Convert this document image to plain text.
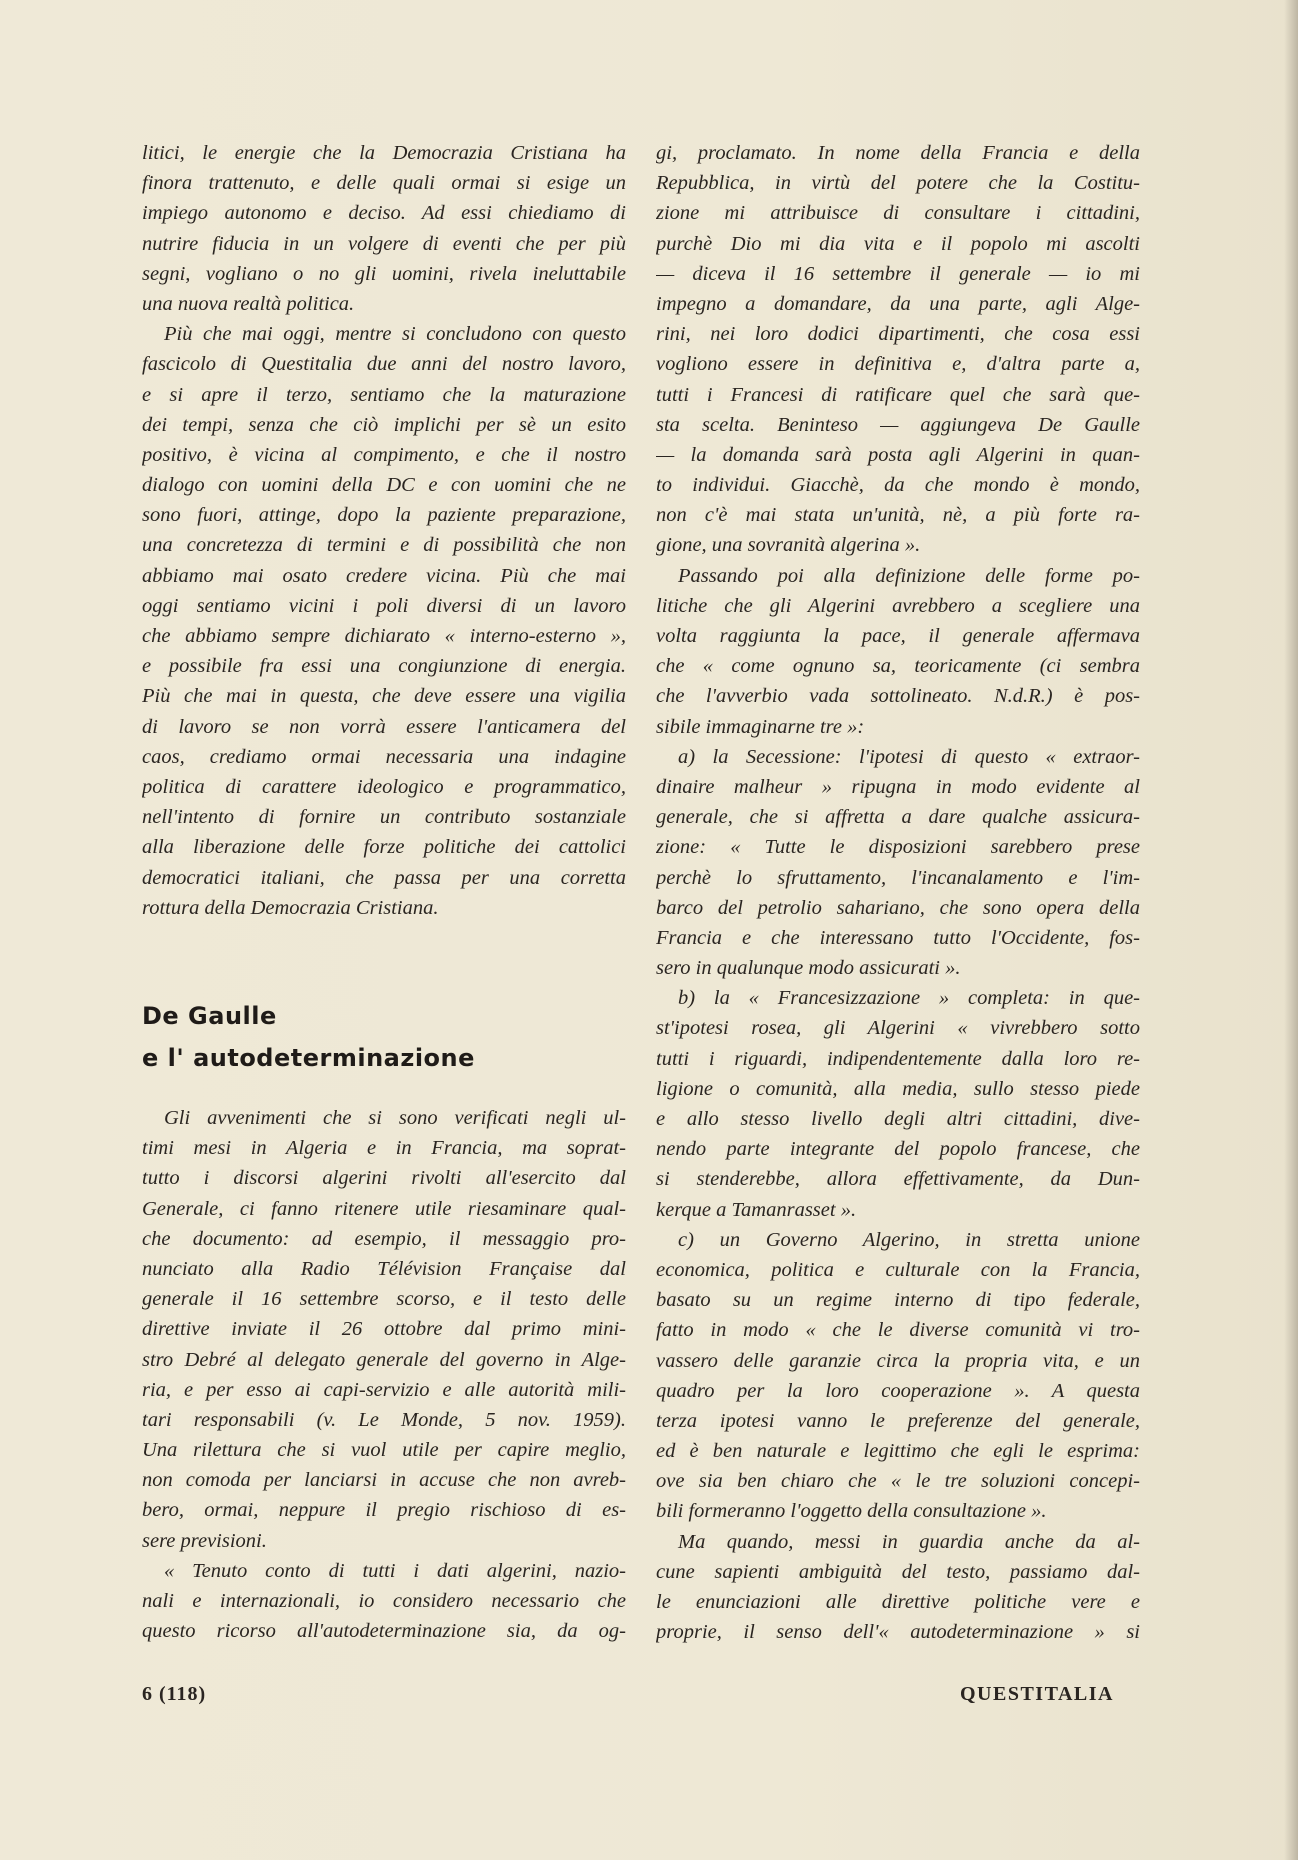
litici, le energie che la Democrazia Cristiana ha
finora trattenuto, e delle quali ormai si esige un
impiego autonomo e deciso. Ad essi chiediamo di
nutrire fiducia in un volgere di eventi che per più
segni, vogliano o no gli uomini, rivela ineluttabile
una nuova realtà politica.
Più che mai oggi, mentre si concludono con questo
fascicolo di Questitalia due anni del nostro lavoro,
e si apre il terzo, sentiamo che la maturazione
dei tempi, senza che ciò implichi per sè un esito
positivo, è vicina al compimento, e che il nostro
dialogo con uomini della DC e con uomini che ne
sono fuori, attinge, dopo la paziente preparazione,
una concretezza di termini e di possibilità che non
abbiamo mai osato credere vicina. Più che mai
oggi sentiamo vicini i poli diversi di un lavoro
che abbiamo sempre dichiarato « interno-esterno »,
e possibile fra essi una congiunzione di energia.
Più che mai in questa, che deve essere una vigilia
di lavoro se non vorrà essere l'anticamera del
caos, crediamo ormai necessaria una indagine
politica di carattere ideologico e programmatico,
nell'intento di fornire un contributo sostanziale
alla liberazione delle forze politiche dei cattolici
democratici italiani, che passa per una corretta
rottura della Democrazia Cristiana.
De Gaulle
e l' autodeterminazione
Gli avvenimenti che si sono verificati negli ul-
timi mesi in Algeria e in Francia, ma soprat-
tutto i discorsi algerini rivolti all'esercito dal
Generale, ci fanno ritenere utile riesaminare qual-
che documento: ad esempio, il messaggio pro-
nunciato alla Radio Télévision Française dal
generale il 16 settembre scorso, e il testo delle
direttive inviate il 26 ottobre dal primo mini-
stro Debré al delegato generale del governo in Alge-
ria, e per esso ai capi-servizio e alle autorità mili-
tari responsabili (v. Le Monde, 5 nov. 1959).
Una rilettura che si vuol utile per capire meglio,
non comoda per lanciarsi in accuse che non avreb-
bero, ormai, neppure il pregio rischioso di es-
sere previsioni.
« Tenuto conto di tutti i dati algerini, nazio-
nali e internazionali, io considero necessario che
questo ricorso all'autodeterminazione sia, da og-
gi, proclamato. In nome della Francia e della
Repubblica, in virtù del potere che la Costitu-
zione mi attribuisce di consultare i cittadini,
purchè Dio mi dia vita e il popolo mi ascolti
— diceva il 16 settembre il generale — io mi
impegno a domandare, da una parte, agli Alge-
rini, nei loro dodici dipartimenti, che cosa essi
vogliono essere in definitiva e, d'altra parte a,
tutti i Francesi di ratificare quel che sarà que-
sta scelta. Beninteso — aggiungeva De Gaulle
— la domanda sarà posta agli Algerini in quan-
to individui. Giacchè, da che mondo è mondo,
non c'è mai stata un'unità, nè, a più forte ra-
gione, una sovranità algerina ».
Passando poi alla definizione delle forme po-
litiche che gli Algerini avrebbero a scegliere una
volta raggiunta la pace, il generale affermava
che « come ognuno sa, teoricamente (ci sembra
che l'avverbio vada sottolineato. N.d.R.) è pos-
sibile immaginarne tre »:
a) la Secessione: l'ipotesi di questo « extraor-
dinaire malheur » ripugna in modo evidente al
generale, che si affretta a dare qualche assicura-
zione: « Tutte le disposizioni sarebbero prese
perchè lo sfruttamento, l'incanalamento e l'im-
barco del petrolio sahariano, che sono opera della
Francia e che interessano tutto l'Occidente, fos-
sero in qualunque modo assicurati ».
b) la « Francesizzazione » completa: in que-
st'ipotesi rosea, gli Algerini « vivrebbero sotto
tutti i riguardi, indipendentemente dalla loro re-
ligione o comunità, alla media, sullo stesso piede
e allo stesso livello degli altri cittadini, dive-
nendo parte integrante del popolo francese, che
si stenderebbe, allora effettivamente, da Dun-
kerque a Tamanrasset ».
c) un Governo Algerino, in stretta unione
economica, politica e culturale con la Francia,
basato su un regime interno di tipo federale,
fatto in modo « che le diverse comunità vi tro-
vassero delle garanzie circa la propria vita, e un
quadro per la loro cooperazione ». A questa
terza ipotesi vanno le preferenze del generale,
ed è ben naturale e legittimo che egli le esprima:
ove sia ben chiaro che « le tre soluzioni concepi-
bili formeranno l'oggetto della consultazione ».
Ma quando, messi in guardia anche da al-
cune sapienti ambiguità del testo, passiamo dal-
le enunciazioni alle direttive politiche vere e
proprie, il senso dell'« autodeterminazione » si
6 (118)	QUESTITALIA
